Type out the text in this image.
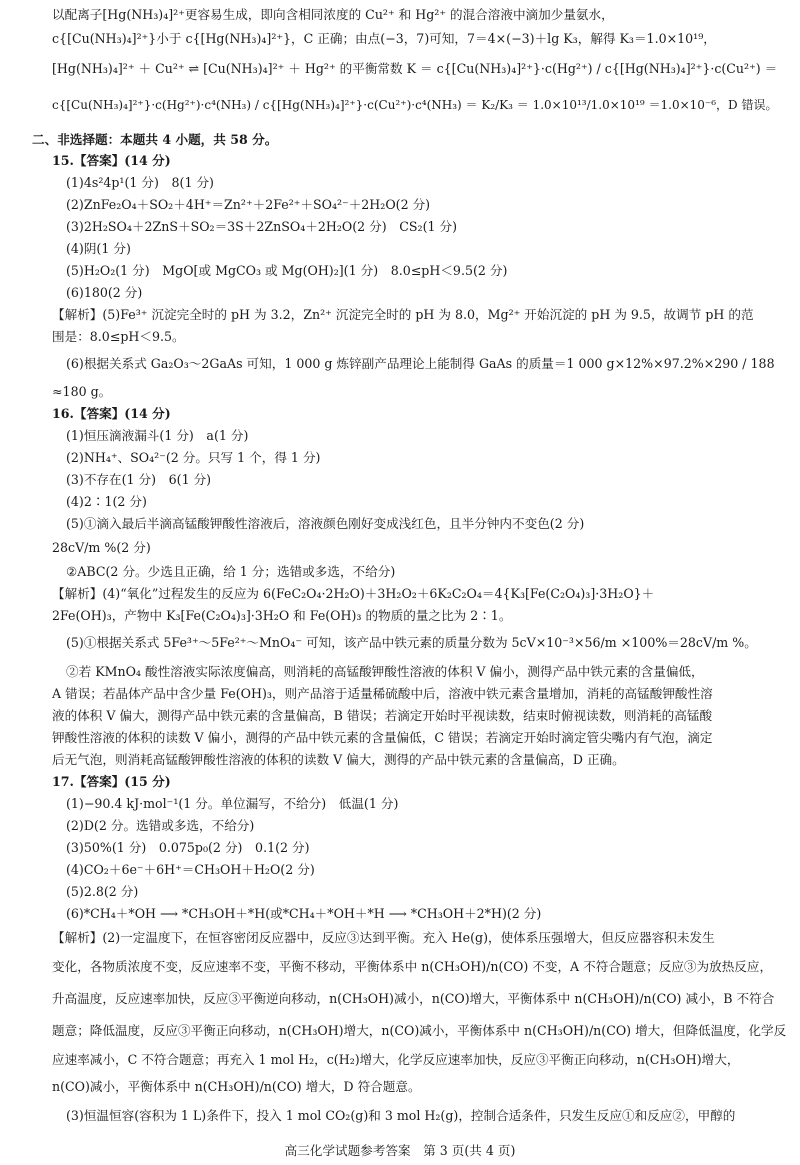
以配离子[Hg(NH₃)₄]²⁺更容易生成，即向含相同浓度的 Cu²⁺ 和 Hg²⁺ 的混合溶液中滴加少量氨水，
c{[Cu(NH₃)₄]²⁺}小于 c{[Hg(NH₃)₄]²⁺}，C 正确；由点(−3，7)可知，7＝4×(−3)＋lg K₃，解得 K₃＝1.0×10¹⁹，
[Hg(NH₃)₄]²⁺ ＋ Cu²⁺ ⇌ [Cu(NH₃)₄]²⁺ ＋ Hg²⁺ 的平衡常数 K ＝ c{[Cu(NH₃)₄]²⁺}·c(Hg²⁺) / c{[Hg(NH₃)₄]²⁺}·c(Cu²⁺) ＝
c{[Cu(NH₃)₄]²⁺}·c(Hg²⁺)·c⁴(NH₃) / c{[Hg(NH₃)₄]²⁺}·c(Cu²⁺)·c⁴(NH₃) ＝ K₂/K₃ ＝ 1.0×10¹³/1.0×10¹⁹ ＝1.0×10⁻⁶，D 错误。
二、非选择题：本题共 4 小题，共 58 分。
15.【答案】(14 分)
(1)4s²4p¹(1 分)　8(1 分)
(2)ZnFe₂O₄＋SO₂＋4H⁺＝Zn²⁺＋2Fe²⁺＋SO₄²⁻＋2H₂O(2 分)
(3)2H₂SO₄＋2ZnS＋SO₂＝3S＋2ZnSO₄＋2H₂O(2 分)　CS₂(1 分)
(4)阴(1 分)
(5)H₂O₂(1 分)　MgO[或 MgCO₃ 或 Mg(OH)₂](1 分)　8.0≤pH＜9.5(2 分)
(6)180(2 分)
【解析】(5)Fe³⁺ 沉淀完全时的 pH 为 3.2，Zn²⁺ 沉淀完全时的 pH 为 8.0，Mg²⁺ 开始沉淀的 pH 为 9.5，故调节 pH 的范
围是：8.0≤pH＜9.5。
(6)根据关系式 Ga₂O₃～2GaAs 可知，1 000 g 炼锌副产品理论上能制得 GaAs 的质量＝1 000 g×12%×97.2%×290 / 188
≈180 g。
16.【答案】(14 分)
(1)恒压滴液漏斗(1 分)　a(1 分)
(2)NH₄⁺、SO₄²⁻(2 分。只写 1 个，得 1 分)
(3)不存在(1 分)　6(1 分)
(4)2∶1(2 分)
(5)①滴入最后半滴高锰酸钾酸性溶液后，溶液颜色刚好变成浅红色，且半分钟内不变色(2 分)
28cV/m %(2 分)
②ABC(2 分。少选且正确，给 1 分；选错或多选，不给分)
【解析】(4)“氧化”过程发生的反应为 6(FeC₂O₄·2H₂O)＋3H₂O₂＋6K₂C₂O₄＝4{K₃[Fe(C₂O₄)₃]·3H₂O}＋
2Fe(OH)₃，产物中 K₃[Fe(C₂O₄)₃]·3H₂O 和 Fe(OH)₃ 的物质的量之比为 2∶1。
(5)①根据关系式 5Fe³⁺～5Fe²⁺～MnO₄⁻ 可知，该产品中铁元素的质量分数为 5cV×10⁻³×56/m ×100%＝28cV/m %。
②若 KMnO₄ 酸性溶液实际浓度偏高，则消耗的高锰酸钾酸性溶液的体积 V 偏小，测得产品中铁元素的含量偏低，
A 错误；若晶体产品中含少量 Fe(OH)₃，则产品溶于适量稀硫酸中后，溶液中铁元素含量增加，消耗的高锰酸钾酸性溶
液的体积 V 偏大，测得产品中铁元素的含量偏高，B 错误；若滴定开始时平视读数，结束时俯视读数，则消耗的高锰酸
钾酸性溶液的体积的读数 V 偏小，测得的产品中铁元素的含量偏低，C 错误；若滴定开始时滴定管尖嘴内有气泡，滴定
后无气泡，则消耗高锰酸钾酸性溶液的体积的读数 V 偏大，测得的产品中铁元素的含量偏高，D 正确。
17.【答案】(15 分)
(1)−90.4 kJ·mol⁻¹(1 分。单位漏写，不给分)　低温(1 分)
(2)D(2 分。选错或多选，不给分)
(3)50%(1 分)　0.075p₀(2 分)　0.1(2 分)
(4)CO₂＋6e⁻＋6H⁺＝CH₃OH＋H₂O(2 分)
(5)2.8(2 分)
(6)*CH₄＋*OH ⟶ *CH₃OH＋*H(或*CH₄＋*OH＋*H ⟶ *CH₃OH＋2*H)(2 分)
【解析】(2)一定温度下，在恒容密闭反应器中，反应③达到平衡。充入 He(g)，使体系压强增大，但反应器容积未发生
变化，各物质浓度不变，反应速率不变，平衡不移动，平衡体系中 n(CH₃OH)/n(CO) 不变，A 不符合题意；反应③为放热反应，
升高温度，反应速率加快，反应③平衡逆向移动，n(CH₃OH)减小，n(CO)增大，平衡体系中 n(CH₃OH)/n(CO) 减小，B 不符合
题意；降低温度，反应③平衡正向移动，n(CH₃OH)增大，n(CO)减小，平衡体系中 n(CH₃OH)/n(CO) 增大，但降低温度，化学反
应速率减小，C 不符合题意；再充入 1 mol H₂，c(H₂)增大，化学反应速率加快，反应③平衡正向移动，n(CH₃OH)增大，
n(CO)减小，平衡体系中 n(CH₃OH)/n(CO) 增大，D 符合题意。
(3)恒温恒容(容积为 1 L)条件下，投入 1 mol CO₂(g)和 3 mol H₂(g)，控制合适条件，只发生反应①和反应②，甲醇的
高三化学试题参考答案　第 3 页(共 4 页)
